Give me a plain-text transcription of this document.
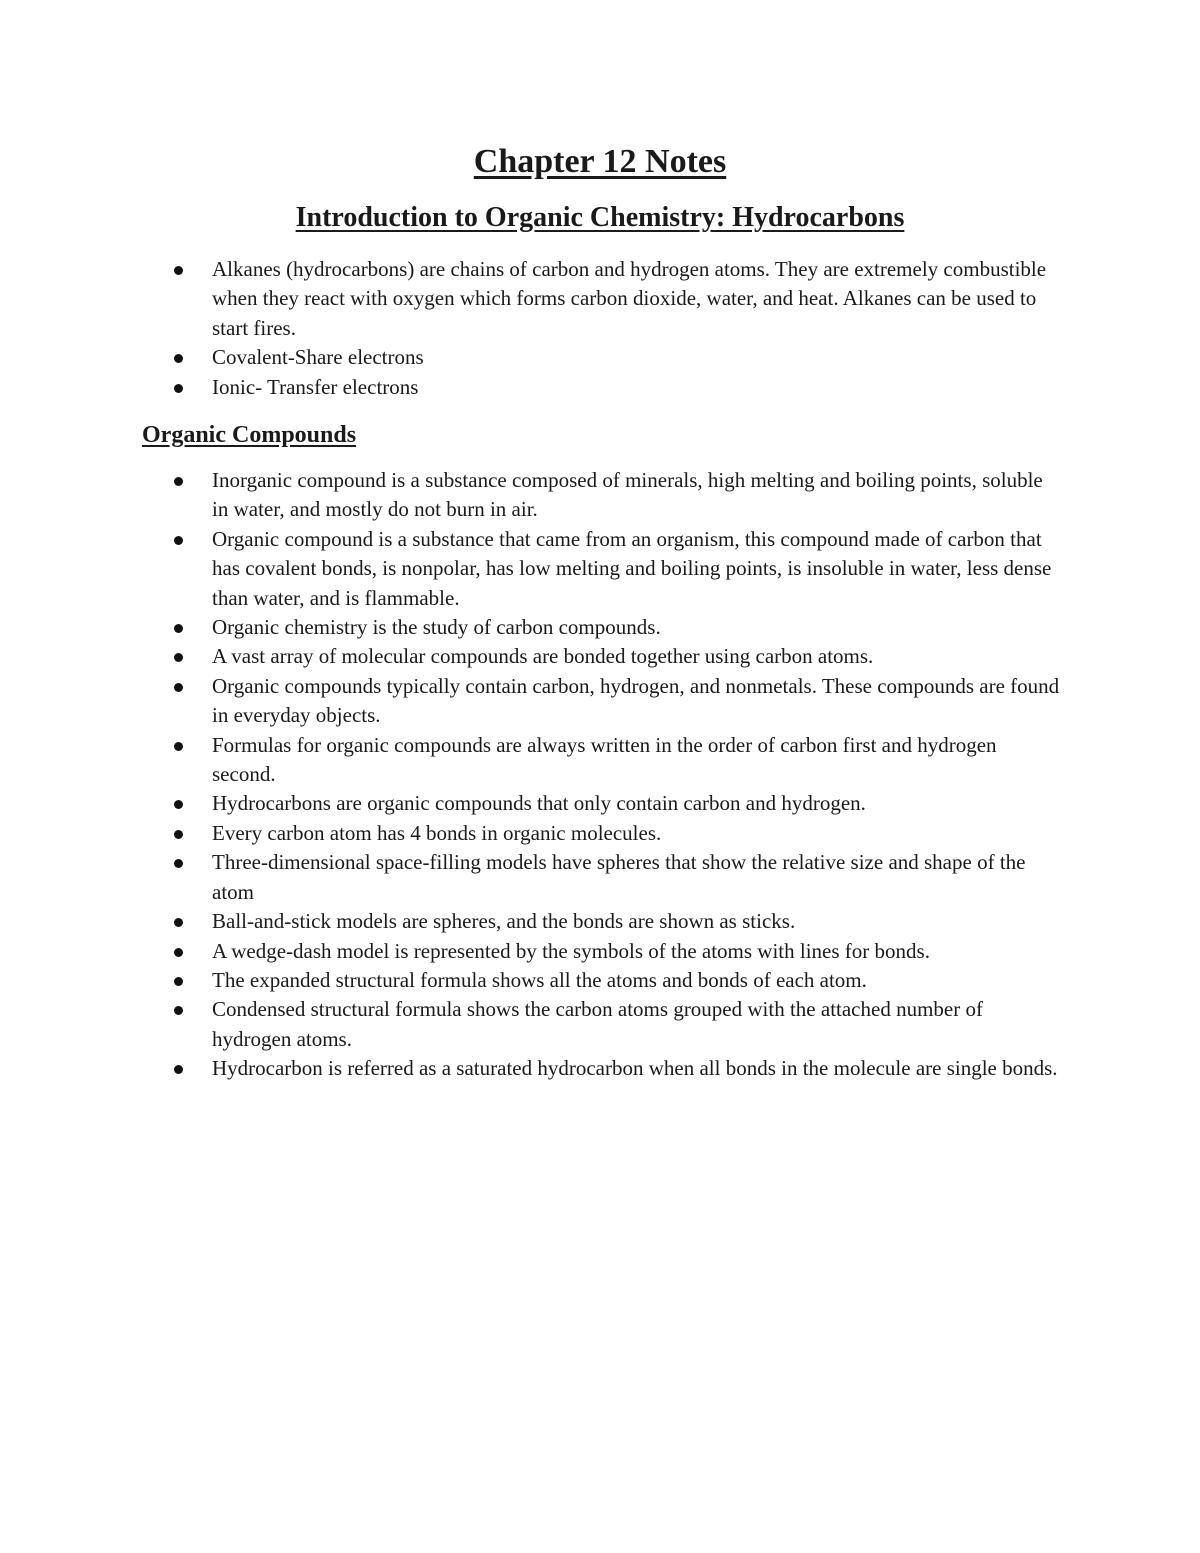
Chapter 12 Notes
Introduction to Organic Chemistry: Hydrocarbons
Alkanes (hydrocarbons) are chains of carbon and hydrogen atoms. They are extremely combustible when they react with oxygen which forms carbon dioxide, water, and heat. Alkanes can be used to start fires.
Covalent-Share electrons
Ionic- Transfer electrons
Organic Compounds
Inorganic compound is a substance composed of minerals, high melting and boiling points, soluble in water, and mostly do not burn in air.
Organic compound is a substance that came from an organism, this compound made of carbon that has covalent bonds, is nonpolar, has low melting and boiling points, is insoluble in water, less dense than water, and is flammable.
Organic chemistry is the study of carbon compounds.
A vast array of molecular compounds are bonded together using carbon atoms.
Organic compounds typically contain carbon, hydrogen, and nonmetals. These compounds are found in everyday objects.
Formulas for organic compounds are always written in the order of carbon first and hydrogen second.
Hydrocarbons are organic compounds that only contain carbon and hydrogen.
Every carbon atom has 4 bonds in organic molecules.
Three-dimensional space-filling models have spheres that show the relative size and shape of the atom
Ball-and-stick models are spheres, and the bonds are shown as sticks.
A wedge-dash model is represented by the symbols of the atoms with lines for bonds.
The expanded structural formula shows all the atoms and bonds of each atom.
Condensed structural formula shows the carbon atoms grouped with the attached number of hydrogen atoms.
Hydrocarbon is referred as a saturated hydrocarbon when all bonds in the molecule are single bonds.
